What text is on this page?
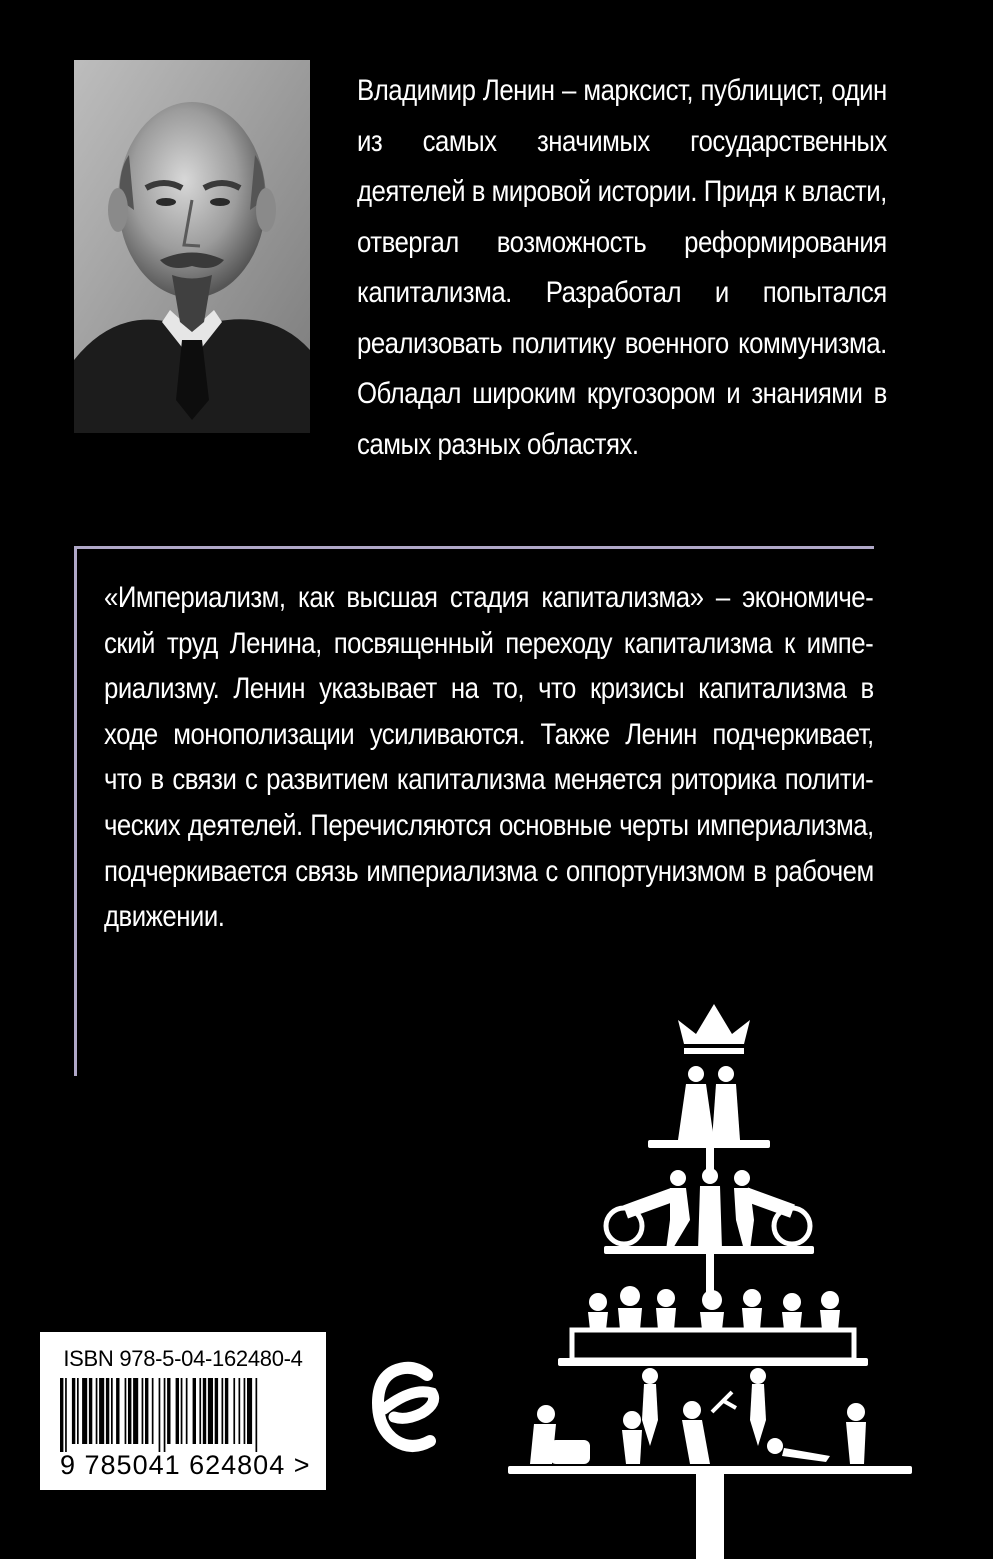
Владимир Ленин – марксист, публицист, один из самых значимых государственных деятелей в мировой истории. Придя к власти, отвергал возможность реформирования капитализма. Разработал и попытался реализовать политику военного коммунизма. Обладал широким кругозором и знаниями в самых разных областях.
«Империализм, как высшая стадия капитализма» – экономический труд Ленина, посвященный переходу капитализма к империализму. Ленин указывает на то, что кризисы капитализма в ходе монополизации усиливаются. Также Ленин подчеркивает, что в связи с развитием капитализма меняется риторика политических деятелей. Перечисляются основные черты империализма, подчеркивается связь империализма с оппортунизмом в рабочем движении.
ISBN 978-5-04-162480-4
9 785041 624804 >
